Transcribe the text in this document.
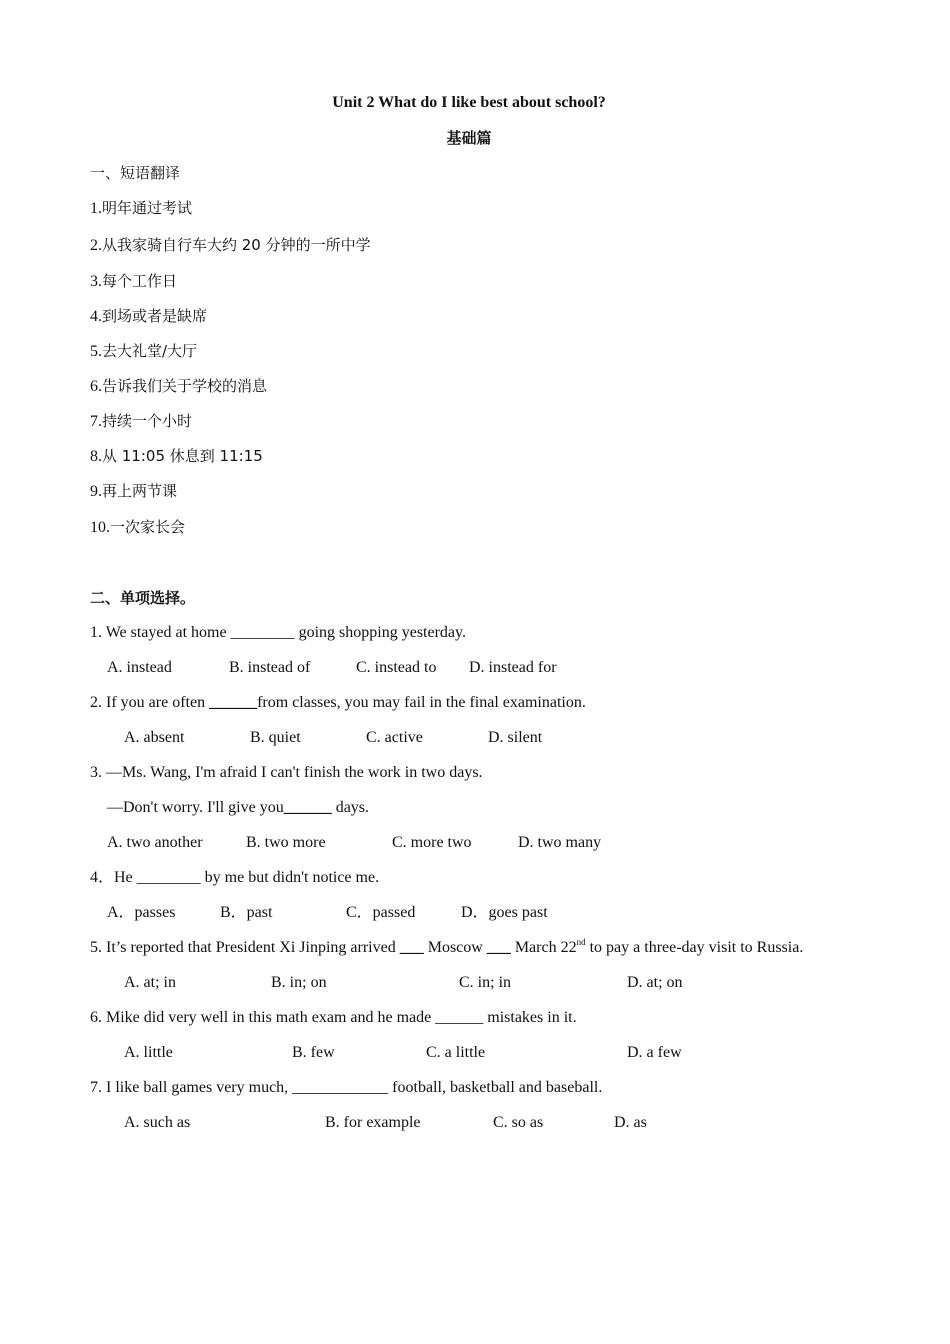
Unit 2 What do I like best about school?
基础篇
一、短语翻译
1.明年通过考试
2.从我家骑自行车大约 20 分钟的一所中学
3.每个工作日
4.到场或者是缺席
5.去大礼堂/大厅
6.告诉我们关于学校的消息
7.持续一个小时
8.从 11:05 休息到 11:15
9.再上两节课
10.一次家长会
二、单项选择。
1. We stayed at home ________ going shopping yesterday.
A. instead	B. instead of	C. instead to D. instead for
2. If you are often ______from classes, you may fail in the final examination.
A. absent	B. quiet	C. active	D. silent
3. —Ms. Wang, I'm afraid I can't finish the work in two days.
—Don't worry. I'll give you______ days.
A. two another	B. two more	C. more two	D. two many
4．He ________ by me but didn't notice me.
A．passes	B．past	C．passed	D．goes past
5. It’s reported that President Xi Jinping arrived ___ Moscow ___ March 22nd to pay a three-day visit to Russia.
A. at; in	B. in; on	C. in; in	D. at; on
6. Mike did very well in this math exam and he made ______ mistakes in it.
A. little	B. few	C. a little	D. a few
7. I like ball games very much, ____________ football, basketball and baseball.
A. such as	B. for example	C. so as	D. as
